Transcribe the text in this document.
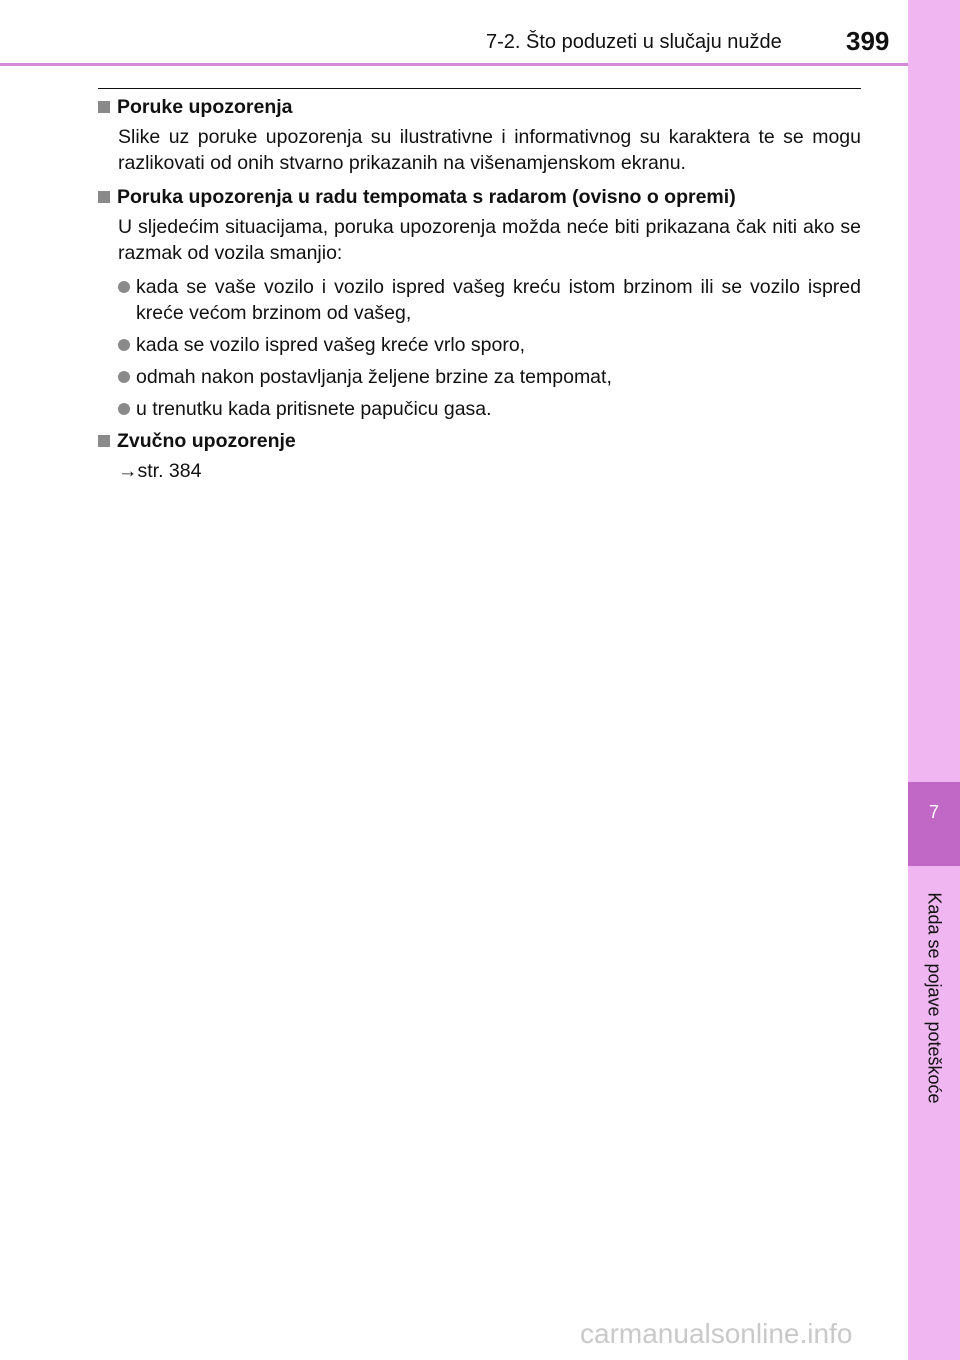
7-2. Što poduzeti u slučaju nužde 399
7
Kada se pojave poteškoće
Poruke upozorenja
Slike uz poruke upozorenja su ilustrativne i informativnog su karaktera te se mogu razlikovati od onih stvarno prikazanih na višenamjenskom ekranu.
Poruka upozorenja u radu tempomata s radarom (ovisno o opremi)
U sljedećim situacijama, poruka upozorenja možda neće biti prikazana čak niti ako se razmak od vozila smanjio:
kada se vaše vozilo i vozilo ispred vašeg kreću istom brzinom ili se vozilo ispred kreće većom brzinom od vašeg,
kada se vozilo ispred vašeg kreće vrlo sporo,
odmah nakon postavljanja željene brzine za tempomat,
u trenutku kada pritisnete papučicu gasa.
Zvučno upozorenje
→str. 384
carmanualsonline.info
